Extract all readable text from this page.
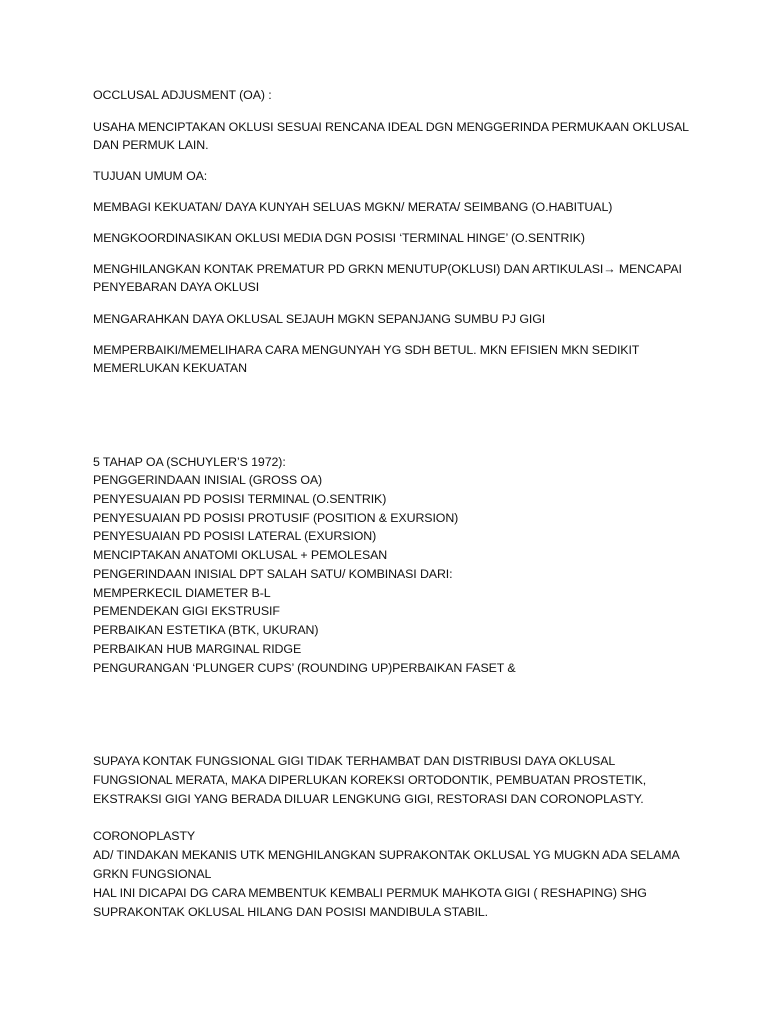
OCCLUSAL ADJUSMENT (OA) :
USAHA MENCIPTAKAN OKLUSI SESUAI RENCANA IDEAL DGN MENGGERINDA PERMUKAAN OKLUSAL
DAN PERMUK LAIN.
TUJUAN UMUM OA:
MEMBAGI KEKUATAN/ DAYA KUNYAH SELUAS MGKN/ MERATA/ SEIMBANG (O.HABITUAL)
MENGKOORDINASIKAN OKLUSI MEDIA DGN POSISI ‘TERMINAL HINGE’ (O.SENTRIK)
MENGHILANGKAN KONTAK PREMATUR PD GRKN MENUTUP(OKLUSI) DAN ARTIKULASI→ MENCAPAI
PENYEBARAN DAYA OKLUSI
MENGARAHKAN DAYA OKLUSAL SEJAUH MGKN SEPANJANG SUMBU PJ GIGI
MEMPERBAIKI/MEMELIHARA CARA MENGUNYAH YG SDH BETUL. MKN EFISIEN MKN SEDIKIT
MEMERLUKAN KEKUATAN
5 TAHAP OA (SCHUYLER’S 1972):
PENGGERINDAAN INISIAL (GROSS OA)
PENYESUAIAN PD POSISI TERMINAL (O.SENTRIK)
PENYESUAIAN PD POSISI PROTUSIF (POSITION & EXURSION)
PENYESUAIAN PD POSISI LATERAL (EXURSION)
MENCIPTAKAN ANATOMI OKLUSAL + PEMOLESAN
PENGERINDAAN INISIAL DPT SALAH SATU/ KOMBINASI DARI:
MEMPERKECIL DIAMETER B-L
PEMENDEKAN GIGI EKSTRUSIF
PERBAIKAN ESTETIKA (BTK, UKURAN)
PERBAIKAN HUB MARGINAL RIDGE
PENGURANGAN ‘PLUNGER CUPS’ (ROUNDING UP)PERBAIKAN FASET &
SUPAYA KONTAK FUNGSIONAL GIGI TIDAK TERHAMBAT DAN DISTRIBUSI DAYA OKLUSAL
FUNGSIONAL MERATA, MAKA DIPERLUKAN KOREKSI ORTODONTIK, PEMBUATAN PROSTETIK,
EKSTRAKSI GIGI YANG BERADA DILUAR LENGKUNG GIGI, RESTORASI DAN CORONOPLASTY.
CORONOPLASTY
AD/ TINDAKAN MEKANIS UTK MENGHILANGKAN SUPRAKONTAK OKLUSAL YG MUGKN ADA SELAMA
GRKN FUNGSIONAL
HAL INI DICAPAI DG CARA MEMBENTUK KEMBALI PERMUK MAHKOTA GIGI ( RESHAPING) SHG
SUPRAKONTAK OKLUSAL HILANG DAN POSISI MANDIBULA STABIL.
